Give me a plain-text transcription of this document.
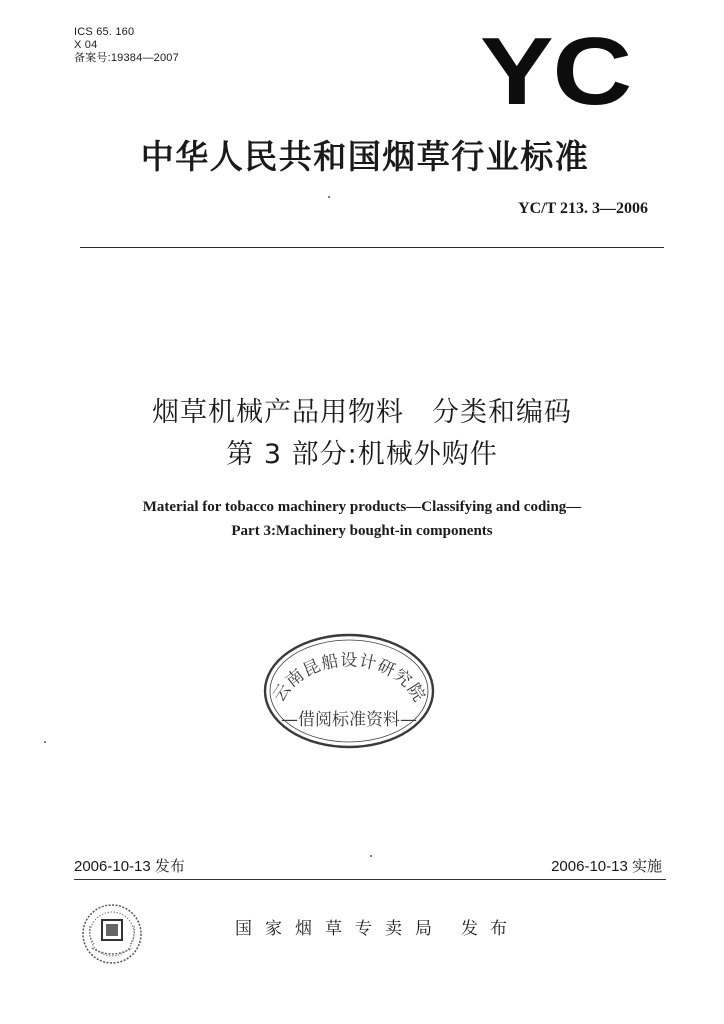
ICS 65. 160
X 04
备案号:19384—2007	YC
中华人民共和国烟草行业标准
YC/T 213. 3—2006
烟草机械产品用物料　分类和编码
第 3 部分:机械外购件
Material for tobacco machinery products—Classifying and coding—
Part 3:Machinery bought-in components
云南昆船设计研究院
—借阅标准资料—
2006-10-13 发布	2006-10-13 实施
国家烟草专卖局 发布
